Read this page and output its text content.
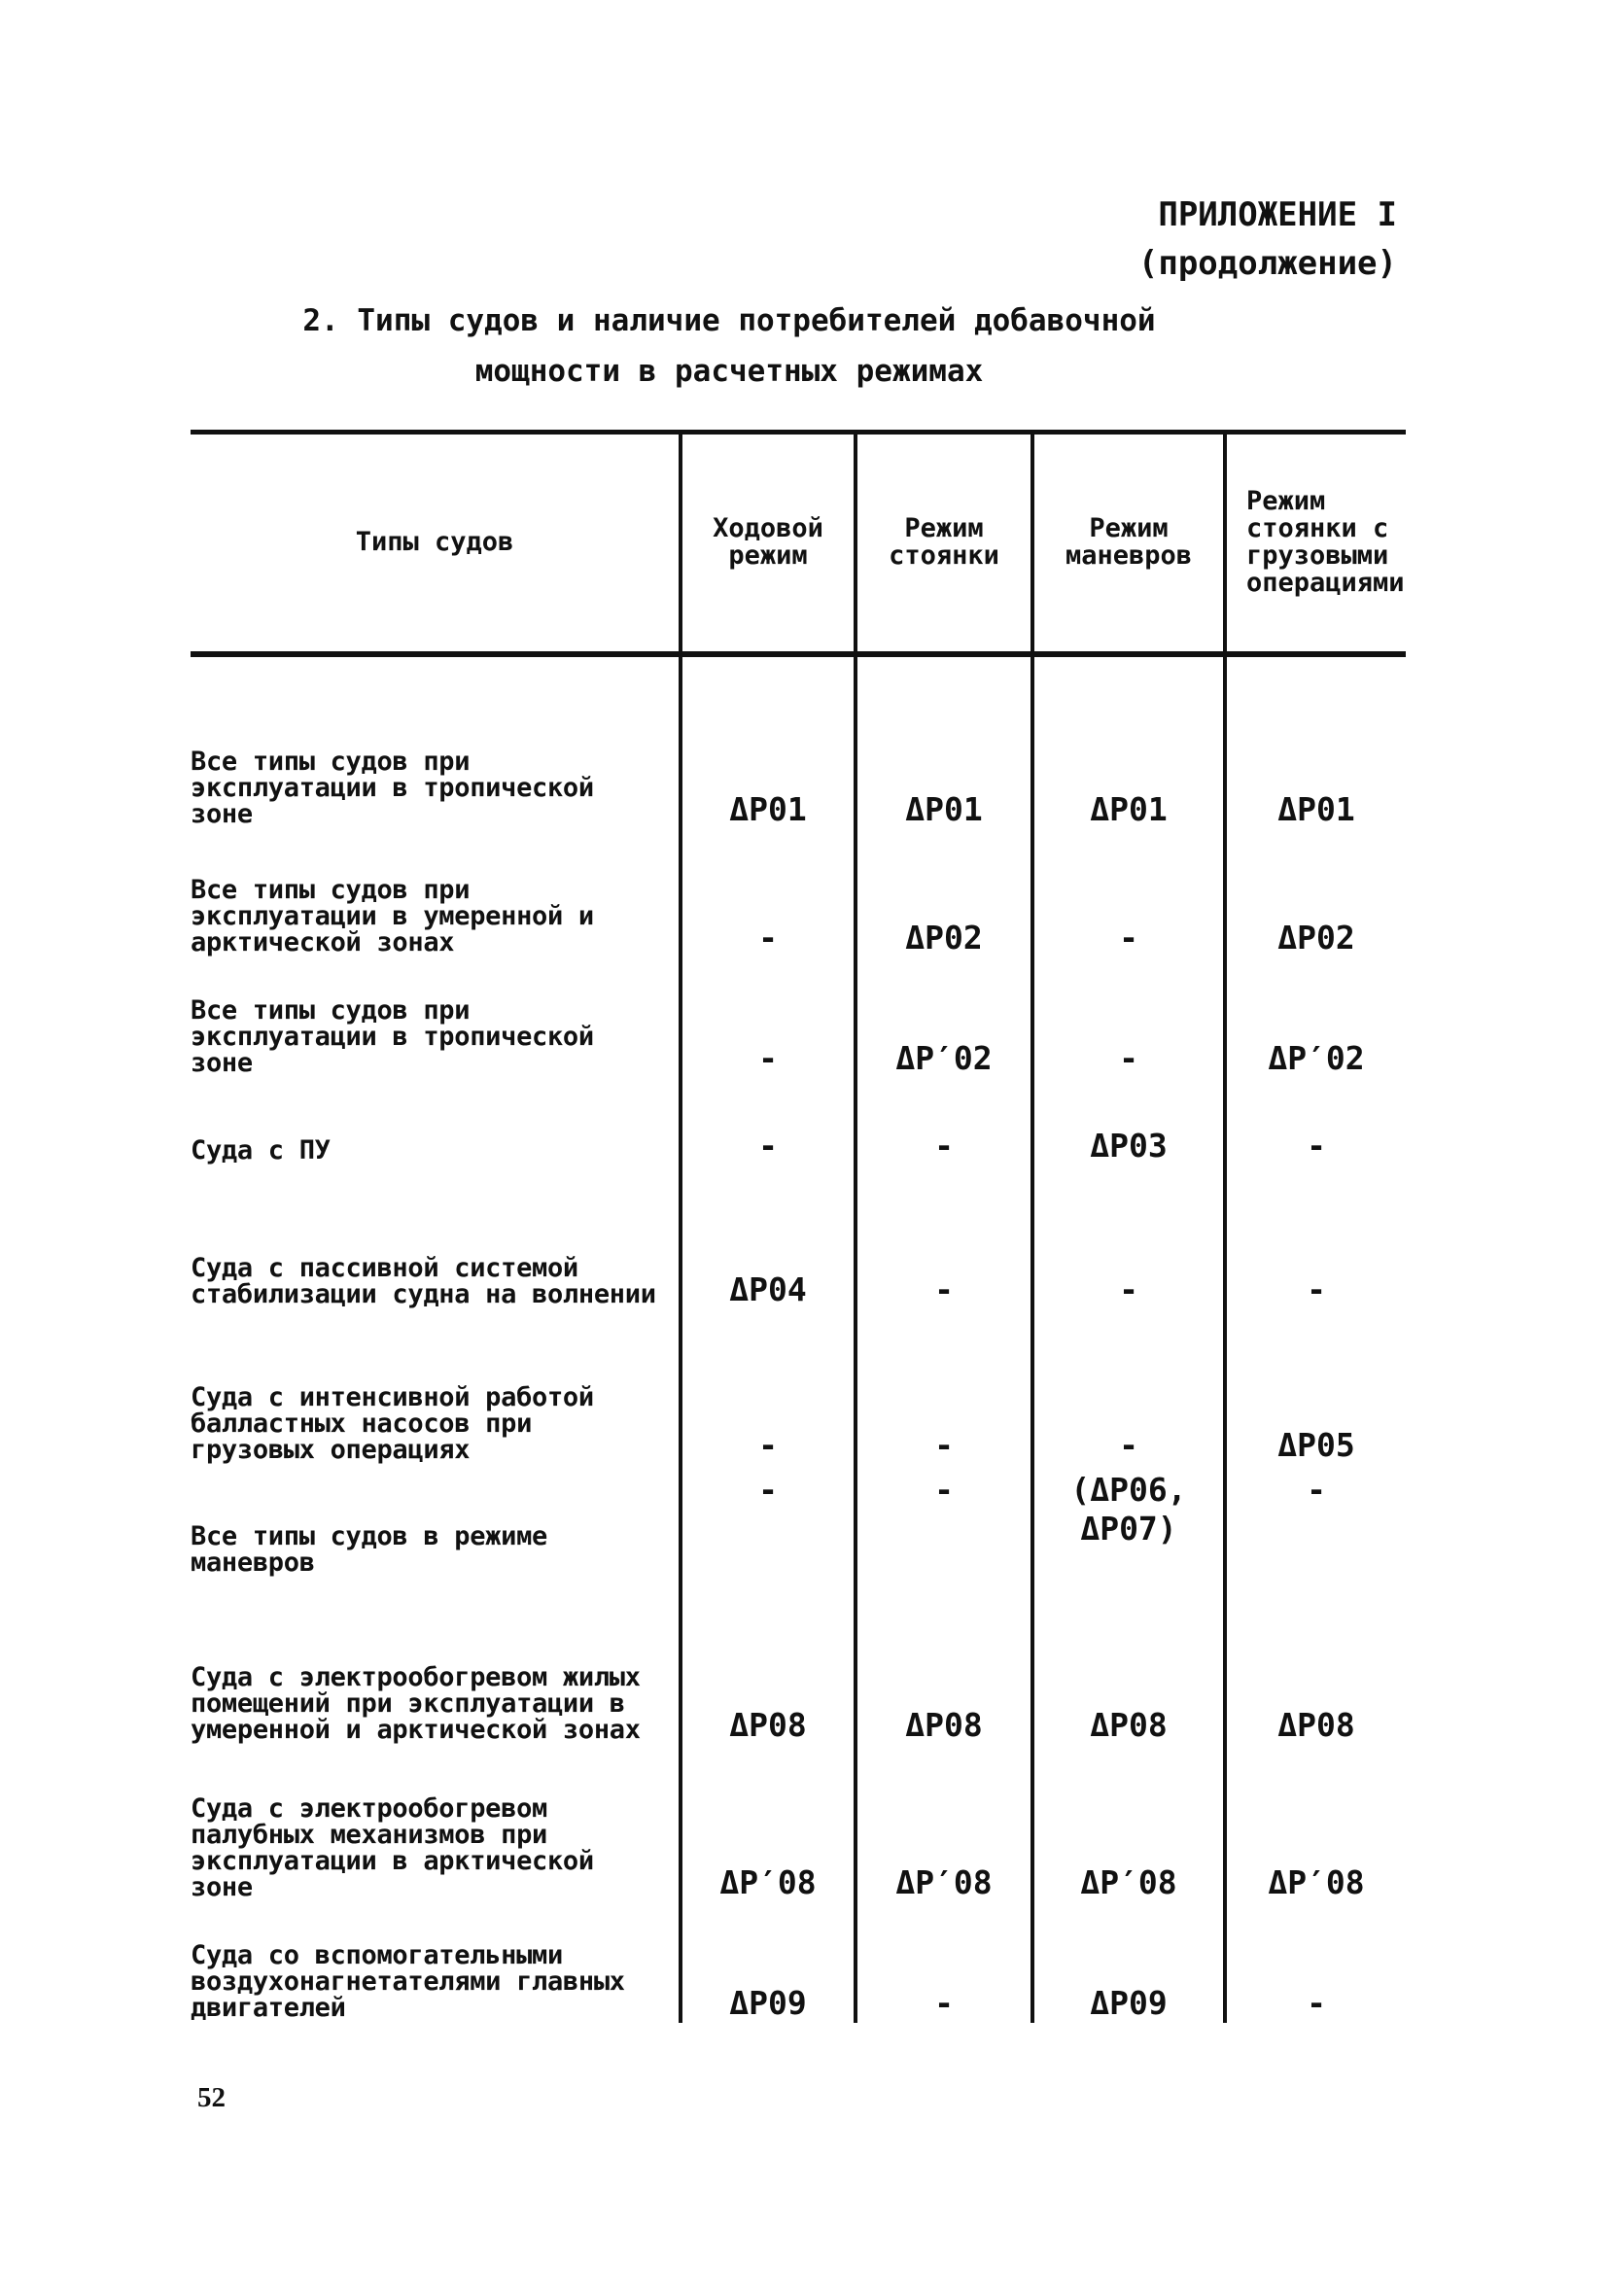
ПРИЛОЖЕНИЕ I
(продолжение)
2. Типы судов и наличие потребителей добавочной
мощности в расчетных режимах
Типы судов	Ходовой режим	Режим стоянки	Режим маневров	Режим стоянки с грузовыми операциями
Все типы судов при эксплуатации в тропической зоне	ΔP01	ΔP01	ΔP01	ΔP01
Все типы судов при эксплуатации в умеренной и арктической зонах	-	ΔP02	-	ΔP02
Все типы судов при эксплуатации в тропической зоне	-	ΔP′02	-	ΔP′02
Суда с ПУ	-	-	ΔP03	-
Суда с пассивной системой стабилизации судна на волнении	ΔP04	-	-	-
Суда с интенсивной работой балластных насосов при грузовых операциях	-	-	-	ΔP05
Все типы судов в режиме маневров	-	-	(ΔP06, ΔP07)	-
Суда с электрообогревом жилых помещений при эксплуатации в умеренной и арктической зонах	ΔP08	ΔP08	ΔP08	ΔP08
Суда с электрообогревом палубных механизмов при эксплуатации в арктической зоне	ΔP′08	ΔP′08	ΔP′08	ΔP′08
Суда со вспомогательными воздухонагнетателями главных двигателей	ΔP09	-	ΔP09	-
52
